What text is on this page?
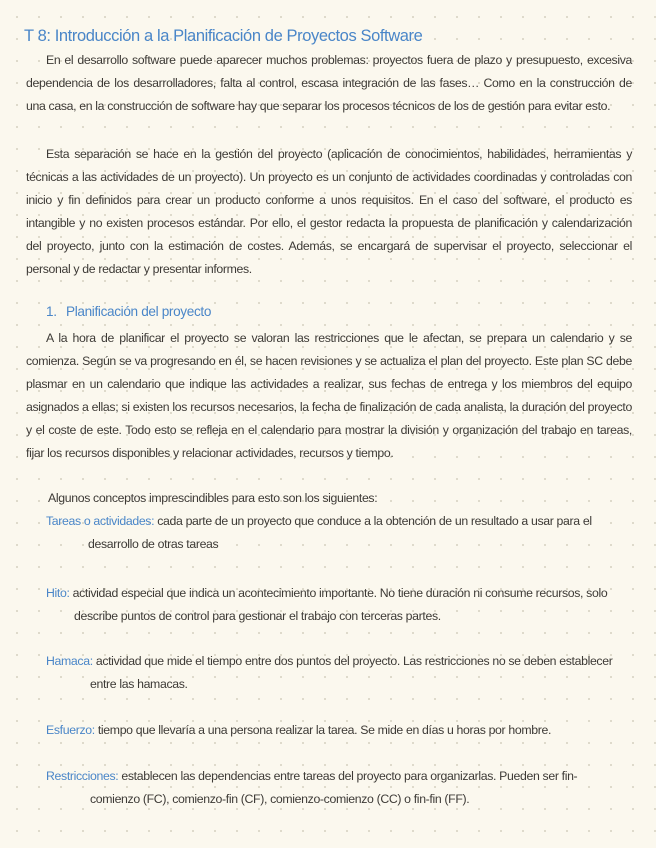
T 8: Introducción a la Planificación de Proyectos Software

En el desarrollo software puede aparecer muchos problemas: proyectos fuera de plazo y presupuesto, excesiva dependencia de los desarrolladores, falta al control, escasa integración de las fases… Como en la construcción de una casa, en la construcción de software hay que separar los procesos técnicos de los de gestión para evitar esto.

Esta separación se hace en la gestión del proyecto (aplicación de conocimientos, habilidades, herramientas y técnicas a las actividades de un proyecto). Un proyecto es un conjunto de actividades coordinadas y controladas con inicio y fin definidos para crear un producto conforme a unos requisitos. En el caso del software, el producto es intangible y no existen procesos estándar. Por ello, el gestor redacta la propuesta de planificación y calendarización del proyecto, junto con la estimación de costes. Además, se encargará de supervisar el proyecto, seleccionar el personal y de redactar y presentar informes.

1. Planificación del proyecto

A la hora de planificar el proyecto se valoran las restricciones que le afectan, se prepara un calendario y se comienza. Según se va progresando en él, se hacen revisiones y se actualiza el plan del proyecto. Este plan SC debe plasmar en un calendario que indique las actividades a realizar, sus fechas de entrega y los miembros del equipo asignados a ellas; si existen los recursos necesarios, la fecha de finalización de cada analista, la duración del proyecto y el coste de este. Todo esto se refleja en el calendario para mostrar la división y organización del trabajo en tareas, fijar los recursos disponibles y relacionar actividades, recursos y tiempo.

Algunos conceptos imprescindibles para esto son los siguientes:

Tareas o actividades: cada parte de un proyecto que conduce a la obtención de un resultado a usar para el
desarrollo de otras tareas

Hito: actividad especial que indica un acontecimiento importante. No tiene duración ni consume recursos, solo
describe puntos de control para gestionar el trabajo con terceras partes.

Hamaca: actividad que mide el tiempo entre dos puntos del proyecto. Las restricciones no se deben establecer
entre las hamacas.

Esfuerzo: tiempo que llevaría a una persona realizar la tarea. Se mide en días u horas por hombre.

Restricciones: establecen las dependencias entre tareas del proyecto para organizarlas. Pueden ser fin-
comienzo (FC), comienzo-fin (CF), comienzo-comienzo (CC) o fin-fin (FF).
